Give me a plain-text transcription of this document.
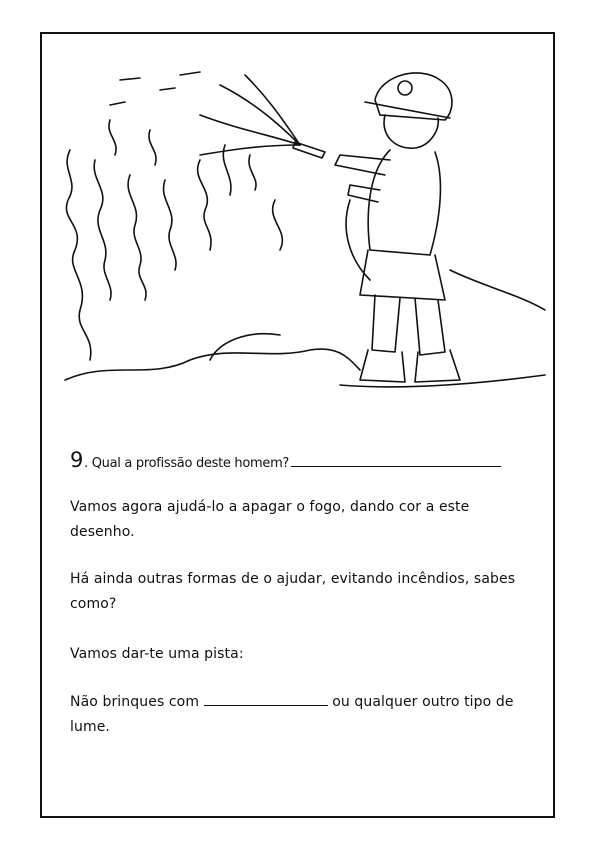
9. Qual a profissão deste homem?
Vamos agora ajudá-lo a apagar o fogo, dando cor a este desenho.
Há ainda outras formas de o ajudar, evitando incêndios, sabes como?
Vamos dar-te uma pista:
Não brinques com	ou qualquer outro tipo de lume.
